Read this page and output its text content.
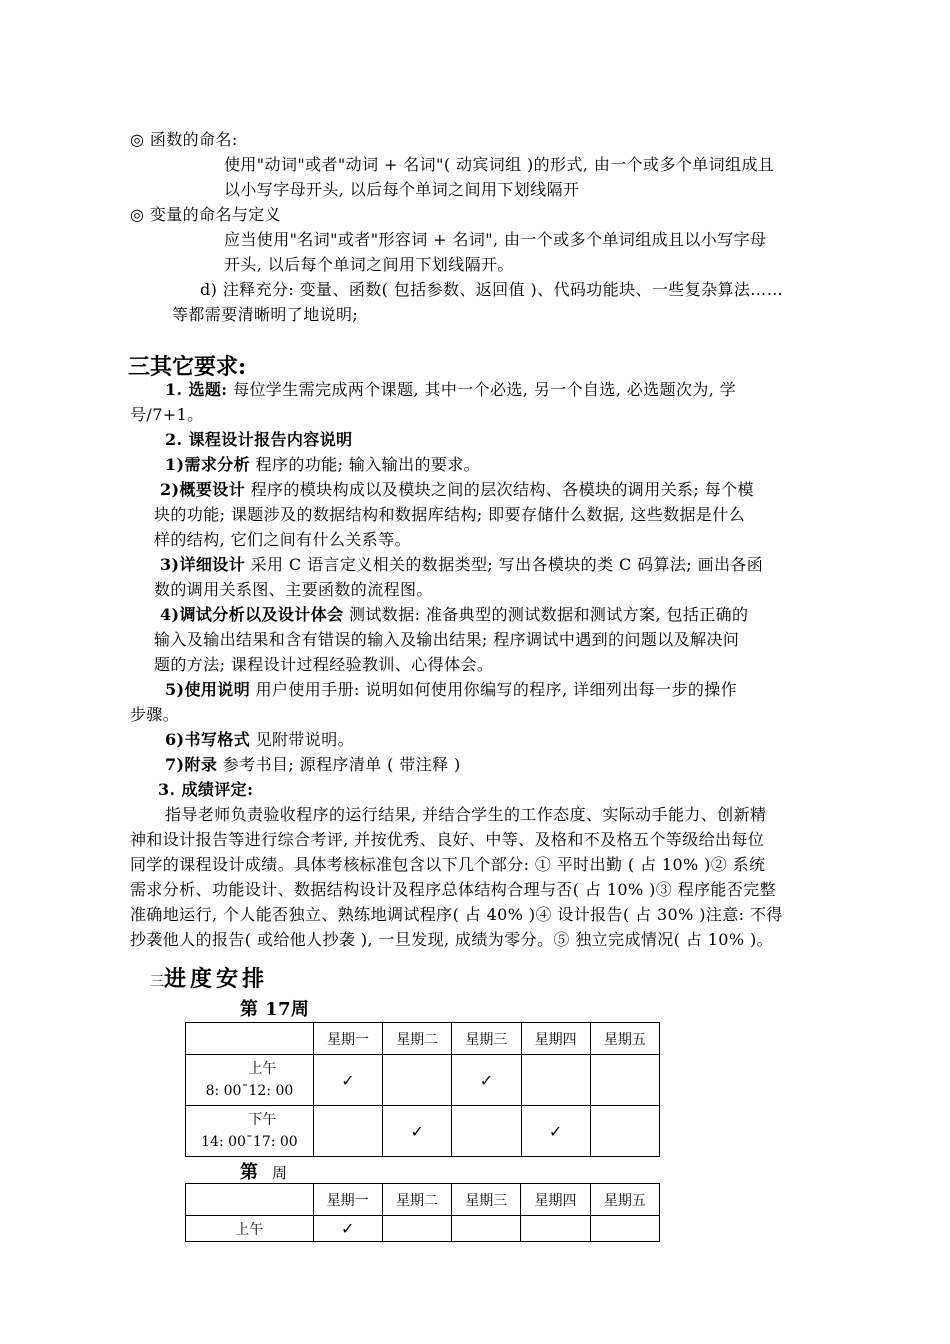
◎ 函数的命名:
使用"动词"或者"动词 + 名词"( 动宾词组 )的形式, 由一个或多个单词组成且
以小写字母开头, 以后每个单词之间用下划线隔开
◎ 变量的命名与定义
应当使用"名词"或者"形容词 + 名词", 由一个或多个单词组成且以小写字母
开头, 以后每个单词之间用下划线隔开。
d) 注释充分: 变量、函数( 包括参数、返回值 )、代码功能块、一些复杂算法……
等都需要清晰明了地说明;
三其它要求:
1. 选题: 每位学生需完成两个课题, 其中一个必选, 另一个自选, 必选题次为, 学
号/7+1。
2. 课程设计报告内容说明
1)需求分析 程序的功能; 输入输出的要求。
2)概要设计 程序的模块构成以及模块之间的层次结构、各模块的调用关系; 每个模
块的功能; 课题涉及的数据结构和数据库结构; 即要存储什么数据, 这些数据是什么
样的结构, 它们之间有什么关系等。
3)详细设计 采用 C 语言定义相关的数据类型; 写出各模块的类 C 码算法; 画出各函
数的调用关系图、主要函数的流程图。
4)调试分析以及设计体会 测试数据: 准备典型的测试数据和测试方案, 包括正确的
输入及输出结果和含有错误的输入及输出结果; 程序调试中遇到的问题以及解决问
题的方法; 课程设计过程经验教训、心得体会。
5)使用说明 用户使用手册: 说明如何使用你编写的程序, 详细列出每一步的操作
步骤。
6)书写格式 见附带说明。
7)附录 参考书目; 源程序清单 ( 带注释 )
3. 成绩评定:
指导老师负责验收程序的运行结果, 并结合学生的工作态度、实际动手能力、创新精
神和设计报告等进行综合考评, 并按优秀、良好、中等、及格和不及格五个等级给出每位
同学的课程设计成绩。具体考核标准包含以下几个部分: ① 平时出勤 ( 占 10% )② 系统
需求分析、功能设计、数据结构设计及程序总体结构合理与否( 占 10% )③ 程序能否完整
准确地运行, 个人能否独立、熟练地调试程序( 占 40% )④ 设计报告( 占 30% )注意: 不得
抄袭他人的报告( 或给他人抄袭 ), 一旦发现, 成绩为零分。⑤ 独立完成情况( 占 10% )。
三进度安排
第 17周
	星期一	星期二	星期三	星期四	星期五

上午
8: 00¯12: 00	✓		✓		

下午
14: 00¯17: 00		✓		✓	
第 周
	星期一	星期二	星期三	星期四	星期五
上午	✓				
